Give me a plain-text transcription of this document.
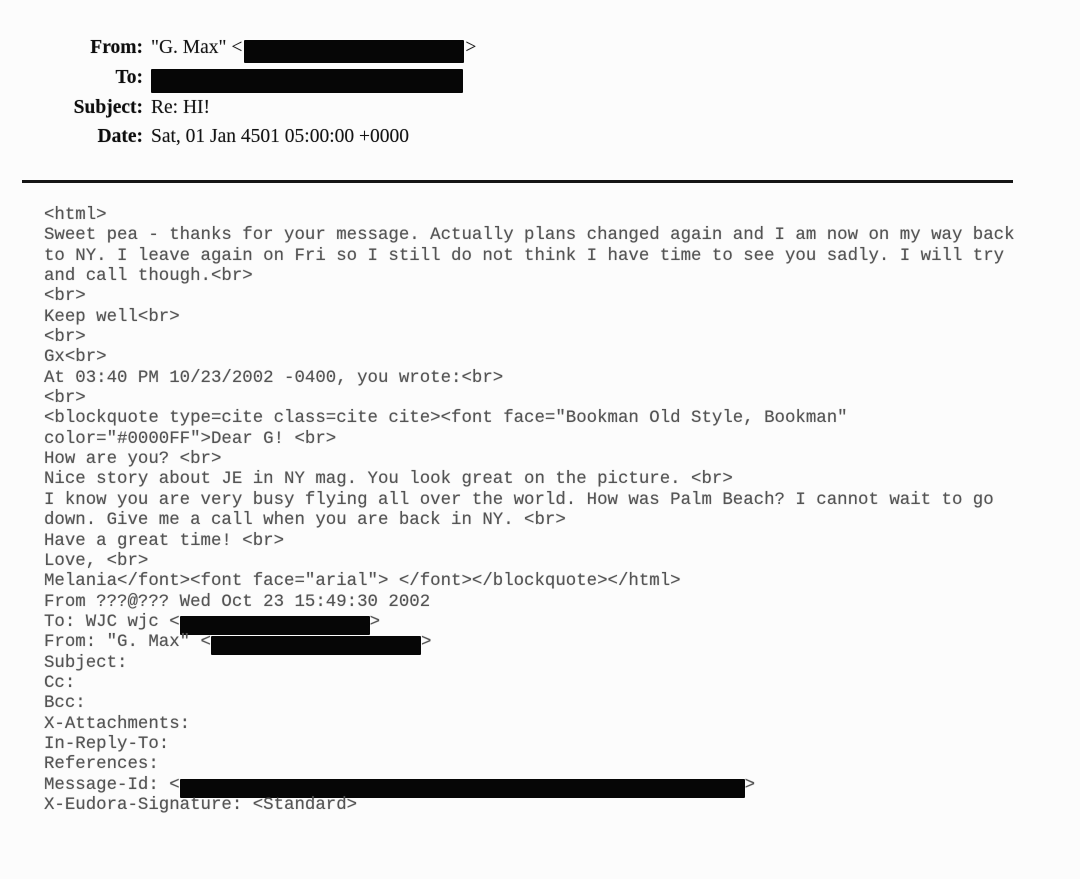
From: "G. Max" <	>
To:
Subject: Re: HI!
Date: Sat, 01 Jan 4501 05:00:00 +0000
<html>
Sweet pea - thanks for your message. Actually plans changed again and I am now on my way back
to NY. I leave again on Fri so I still do not think I have time to see you sadly. I will try
and call though.<br>
<br>
Keep well<br>
<br>
Gx<br>
At 03:40 PM 10/23/2002 -0400, you wrote:<br>
<br>
<blockquote type=cite class=cite cite><font face="Bookman Old Style, Bookman"
color="#0000FF">Dear G! <br>
How are you? <br>
Nice story about JE in NY mag. You look great on the picture. <br>
I know you are very busy flying all over the world. How was Palm Beach? I cannot wait to go
down. Give me a call when you are back in NY. <br>
Have a great time! <br>
Love, <br>
Melania</font><font face="arial"> </font></blockquote></html>
From ???@??? Wed Oct 23 15:49:30 2002
To: WJC wjc <	>
From: "G. Max" <	>
Subject:
Cc:
Bcc:
X-Attachments:
In-Reply-To:
References:
Message-Id: <	>
X-Eudora-Signature: <Standard>
